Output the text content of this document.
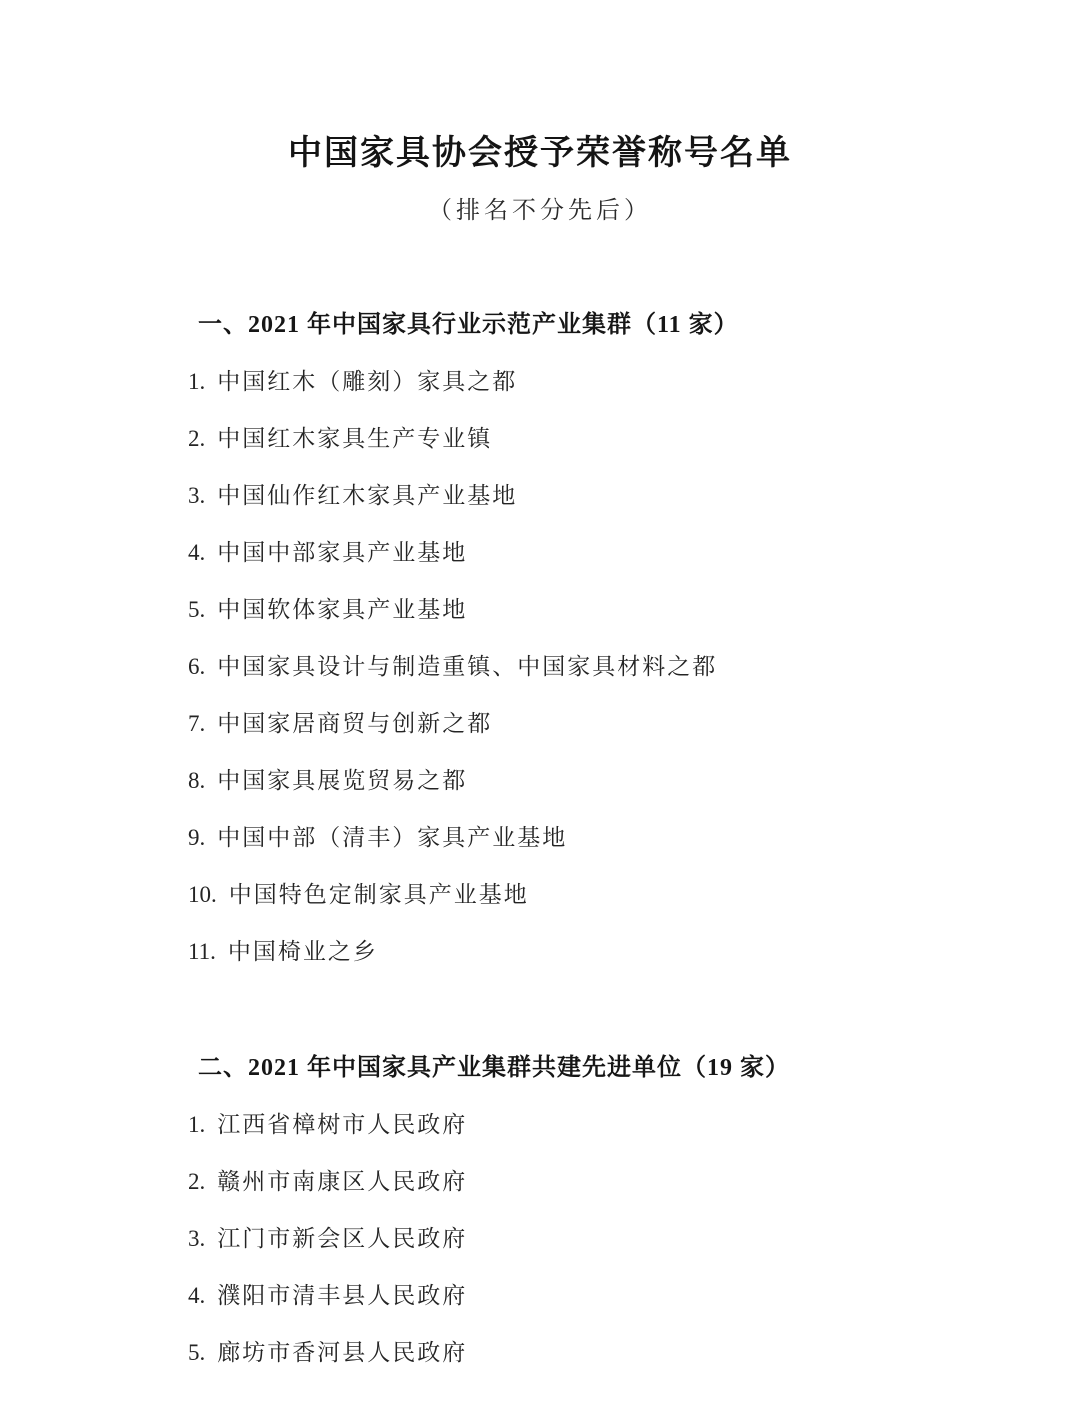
中国家具协会授予荣誉称号名单
（排名不分先后）
一、2021 年中国家具行业示范产业集群（11 家）
1. 中国红木（雕刻）家具之都
2. 中国红木家具生产专业镇
3. 中国仙作红木家具产业基地
4. 中国中部家具产业基地
5. 中国软体家具产业基地
6. 中国家具设计与制造重镇、中国家具材料之都
7. 中国家居商贸与创新之都
8. 中国家具展览贸易之都
9. 中国中部（清丰）家具产业基地
10. 中国特色定制家具产业基地
11. 中国椅业之乡
二、2021 年中国家具产业集群共建先进单位（19 家）
1. 江西省樟树市人民政府
2. 赣州市南康区人民政府
3. 江门市新会区人民政府
4. 濮阳市清丰县人民政府
5. 廊坊市香河县人民政府
